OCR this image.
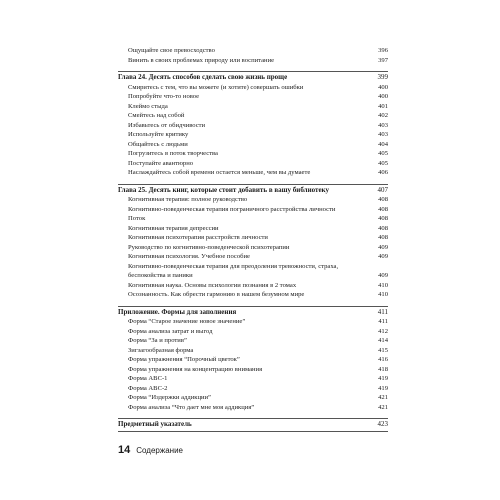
Ощущайте свое превосходство	396
Винить в своих проблемах природу или воспитание	397
Глава 24. Десять способов сделать свою жизнь проще	399
Смиритесь с тем, что вы можете (и хотите) совершать ошибки	400
Попробуйте что-то новое	400
Клеймо стыда	401
Смейтесь над собой	402
Избавьтесь от обидчивости	403
Используйте критику	403
Общайтесь с людьми	404
Погрузитесь в поток творчества	405
Поступайте авантюрно	405
Наслаждайтесь собой времени остается меньше, чем вы думаете	406
Глава 25. Десять книг, которые стоит добавить в вашу библиотеку	407
Когнитивная терапия: полное руководство	408
Когнитивно-поведенческая терапия пограничного расстройства личности	408
Поток	408
Когнитивная терапия депрессии	408
Когнитивная психотерапия расстройств личности	408
Руководство по когнитивно-поведенческой психотерапии	409
Когнитивная психология. Учебное пособие	409
Когнитивно-поведенческая терапия для преодоления тревожности, страха, беспокойства и паники	409
Когнитивная наука. Основы психологии познания в 2 томах	410
Осознанность. Как обрести гармонию в нашем безумном мире	410
Приложение. Формы для заполнения	411
Форма “Старое значение новое значение”	411
Форма анализа затрат и выгод	412
Форма “За и против”	414
Зигзагообразная форма	415
Форма упражнения “Порочный цветок”	416
Форма упражнения на концентрацию внимания	418
Форма ABC-1	419
Форма ABC-2	419
Форма “Издержки аддикции”	421
Форма анализа “Что дает мне моя аддикция”	421
Предметный указатель	423
14 Содержание
